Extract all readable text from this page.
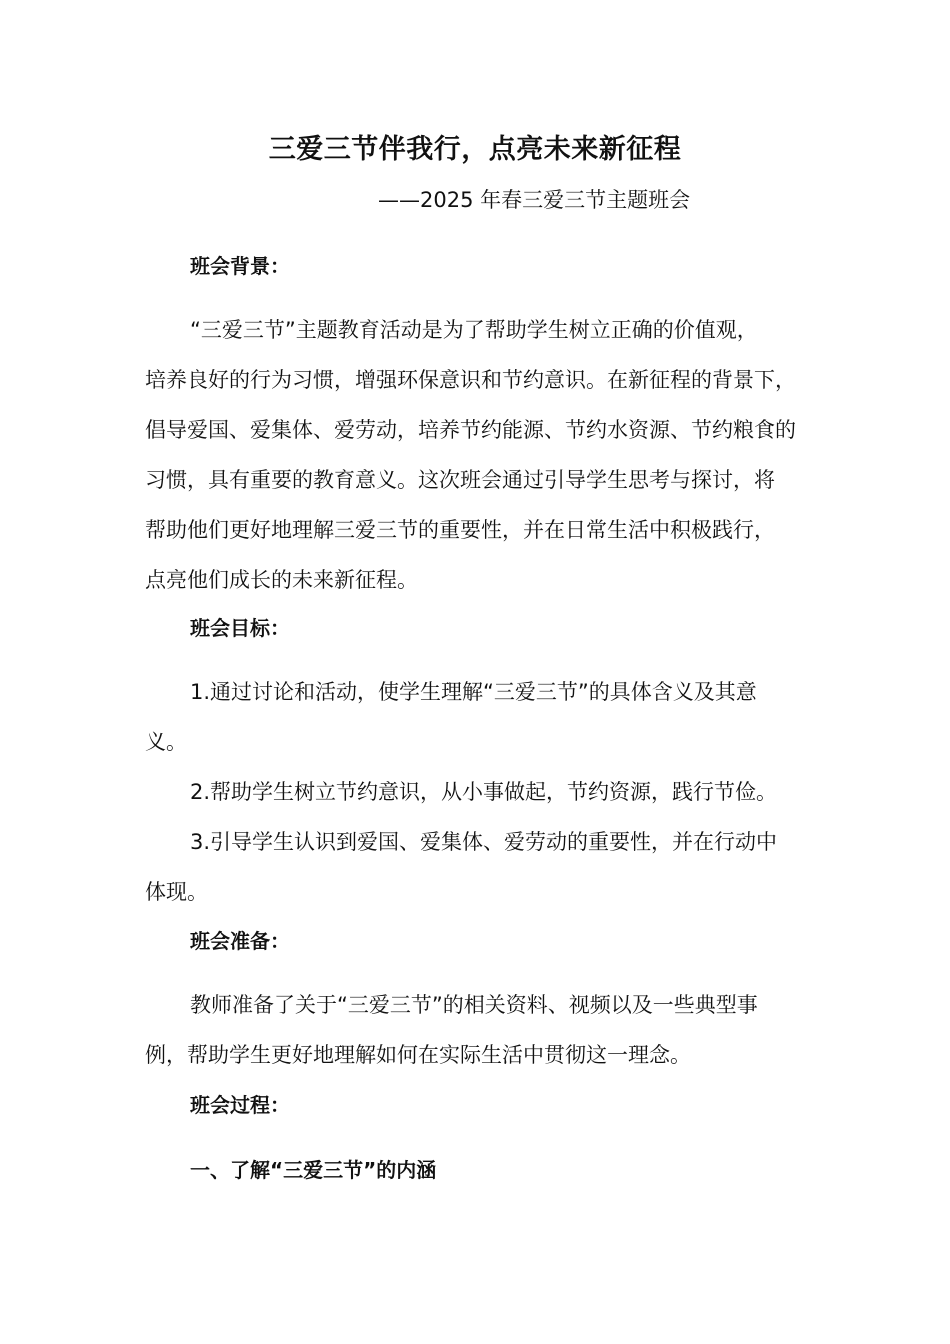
三爱三节伴我行，点亮未来新征程
——2025 年春三爱三节主题班会
班会背景：
“三爱三节”主题教育活动是为了帮助学生树立正确的价值观，
培养良好的行为习惯，增强环保意识和节约意识。在新征程的背景下，
倡导爱国、爱集体、爱劳动，培养节约能源、节约水资源、节约粮食的
习惯，具有重要的教育意义。这次班会通过引导学生思考与探讨，将
帮助他们更好地理解三爱三节的重要性，并在日常生活中积极践行，
点亮他们成长的未来新征程。
班会目标：
1.通过讨论和活动，使学生理解“三爱三节”的具体含义及其意
义。
2.帮助学生树立节约意识，从小事做起，节约资源，践行节俭。
3.引导学生认识到爱国、爱集体、爱劳动的重要性，并在行动中
体现。
班会准备：
教师准备了关于“三爱三节”的相关资料、视频以及一些典型事
例，帮助学生更好地理解如何在实际生活中贯彻这一理念。
班会过程：
一、了解“三爱三节”的内涵
